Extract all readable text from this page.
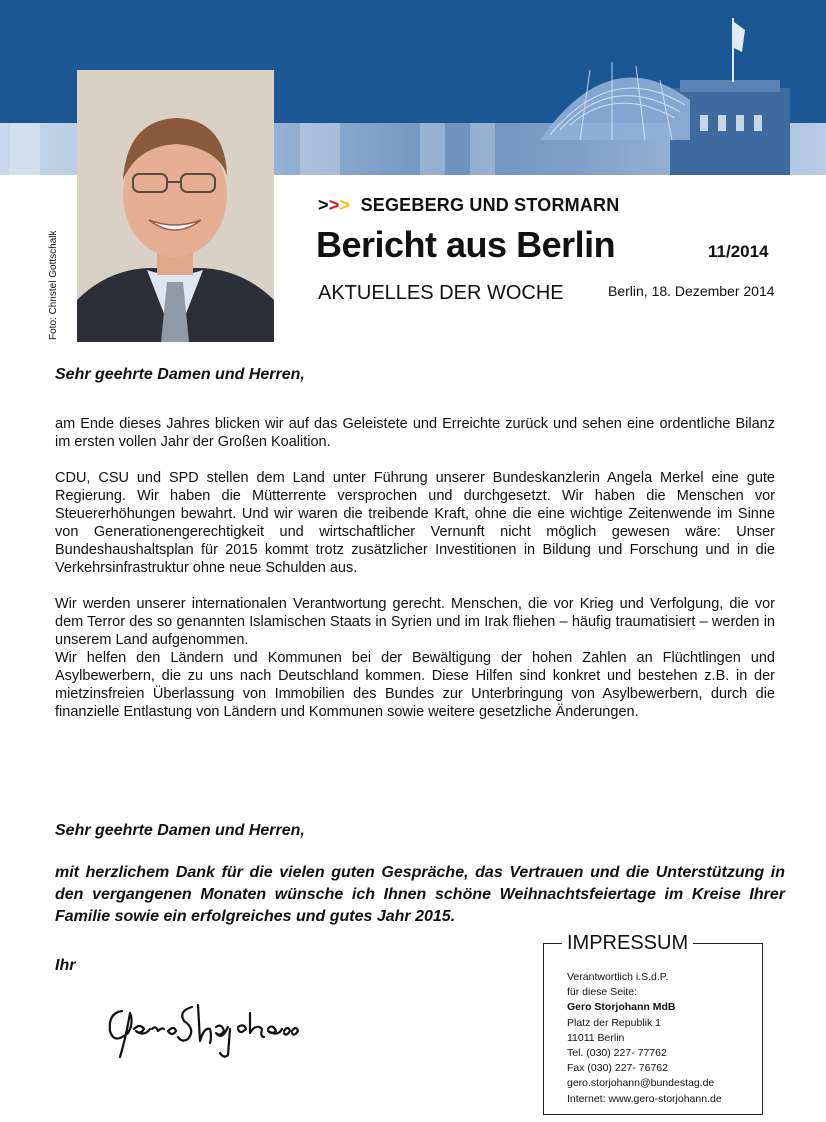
Foto: Christel Gottschalk
>>> SEGEBERG UND STORMARN
Bericht aus Berlin	11/2014
AKTUELLES DER WOCHE	Berlin, 18. Dezember 2014
Sehr geehrte Damen und Herren,

am Ende dieses Jahres blicken wir auf das Geleistete und Erreichte zurück und sehen eine ordentliche Bilanz im ersten vollen Jahr der Großen Koalition.

CDU, CSU und SPD stellen dem Land unter Führung unserer Bundeskanzlerin Angela Merkel eine gute Regierung. Wir haben die Mütterrente versprochen und durchgesetzt. Wir haben die Menschen vor Steuererhöhungen bewahrt. Und wir waren die treibende Kraft, ohne die eine wichtige Zeitenwende im Sinne von Generationengerechtigkeit und wirtschaftlicher Vernunft nicht möglich gewesen wäre: Unser Bundeshaushaltsplan für 2015 kommt trotz zusätzlicher Investitionen in Bildung und Forschung und in die Verkehrsinfrastruktur ohne neue Schulden aus.

Wir werden unserer internationalen Verantwortung gerecht. Menschen, die vor Krieg und Verfolgung, die vor dem Terror des so genannten Islamischen Staats in Syrien und im Irak fliehen – häufig traumatisiert – werden in unserem Land aufgenommen.

Wir helfen den Ländern und Kommunen bei der Bewältigung der hohen Zahlen an Flüchtlingen und Asylbewerbern, die zu uns nach Deutschland kommen. Diese Hilfen sind konkret und bestehen z.B. in der mietzinsfreien Überlassung von Immobilien des Bundes zur Unterbringung von Asylbewerbern, durch die finanzielle Entlastung von Ländern und Kommunen sowie weitere gesetzliche Änderungen.

Sehr geehrte Damen und Herren,
mit herzlichem Dank für die vielen guten Gespräche, das Vertrauen und die Unterstützung in den vergangenen Monaten wünsche ich Ihnen schöne Weihnachtsfeiertage im Kreise Ihrer Familie sowie ein erfolgreiches und gutes Jahr 2015.
Ihr
IMPRESSUM
Verantwortlich i.S.d.P.
für diese Seite:
Gero Storjohann MdB
Platz der Republik 1
11011 Berlin
Tel. (030) 227- 77762
Fax (030) 227- 76762
gero.storjohann@bundestag.de
Internet: www.gero-storjohann.de
